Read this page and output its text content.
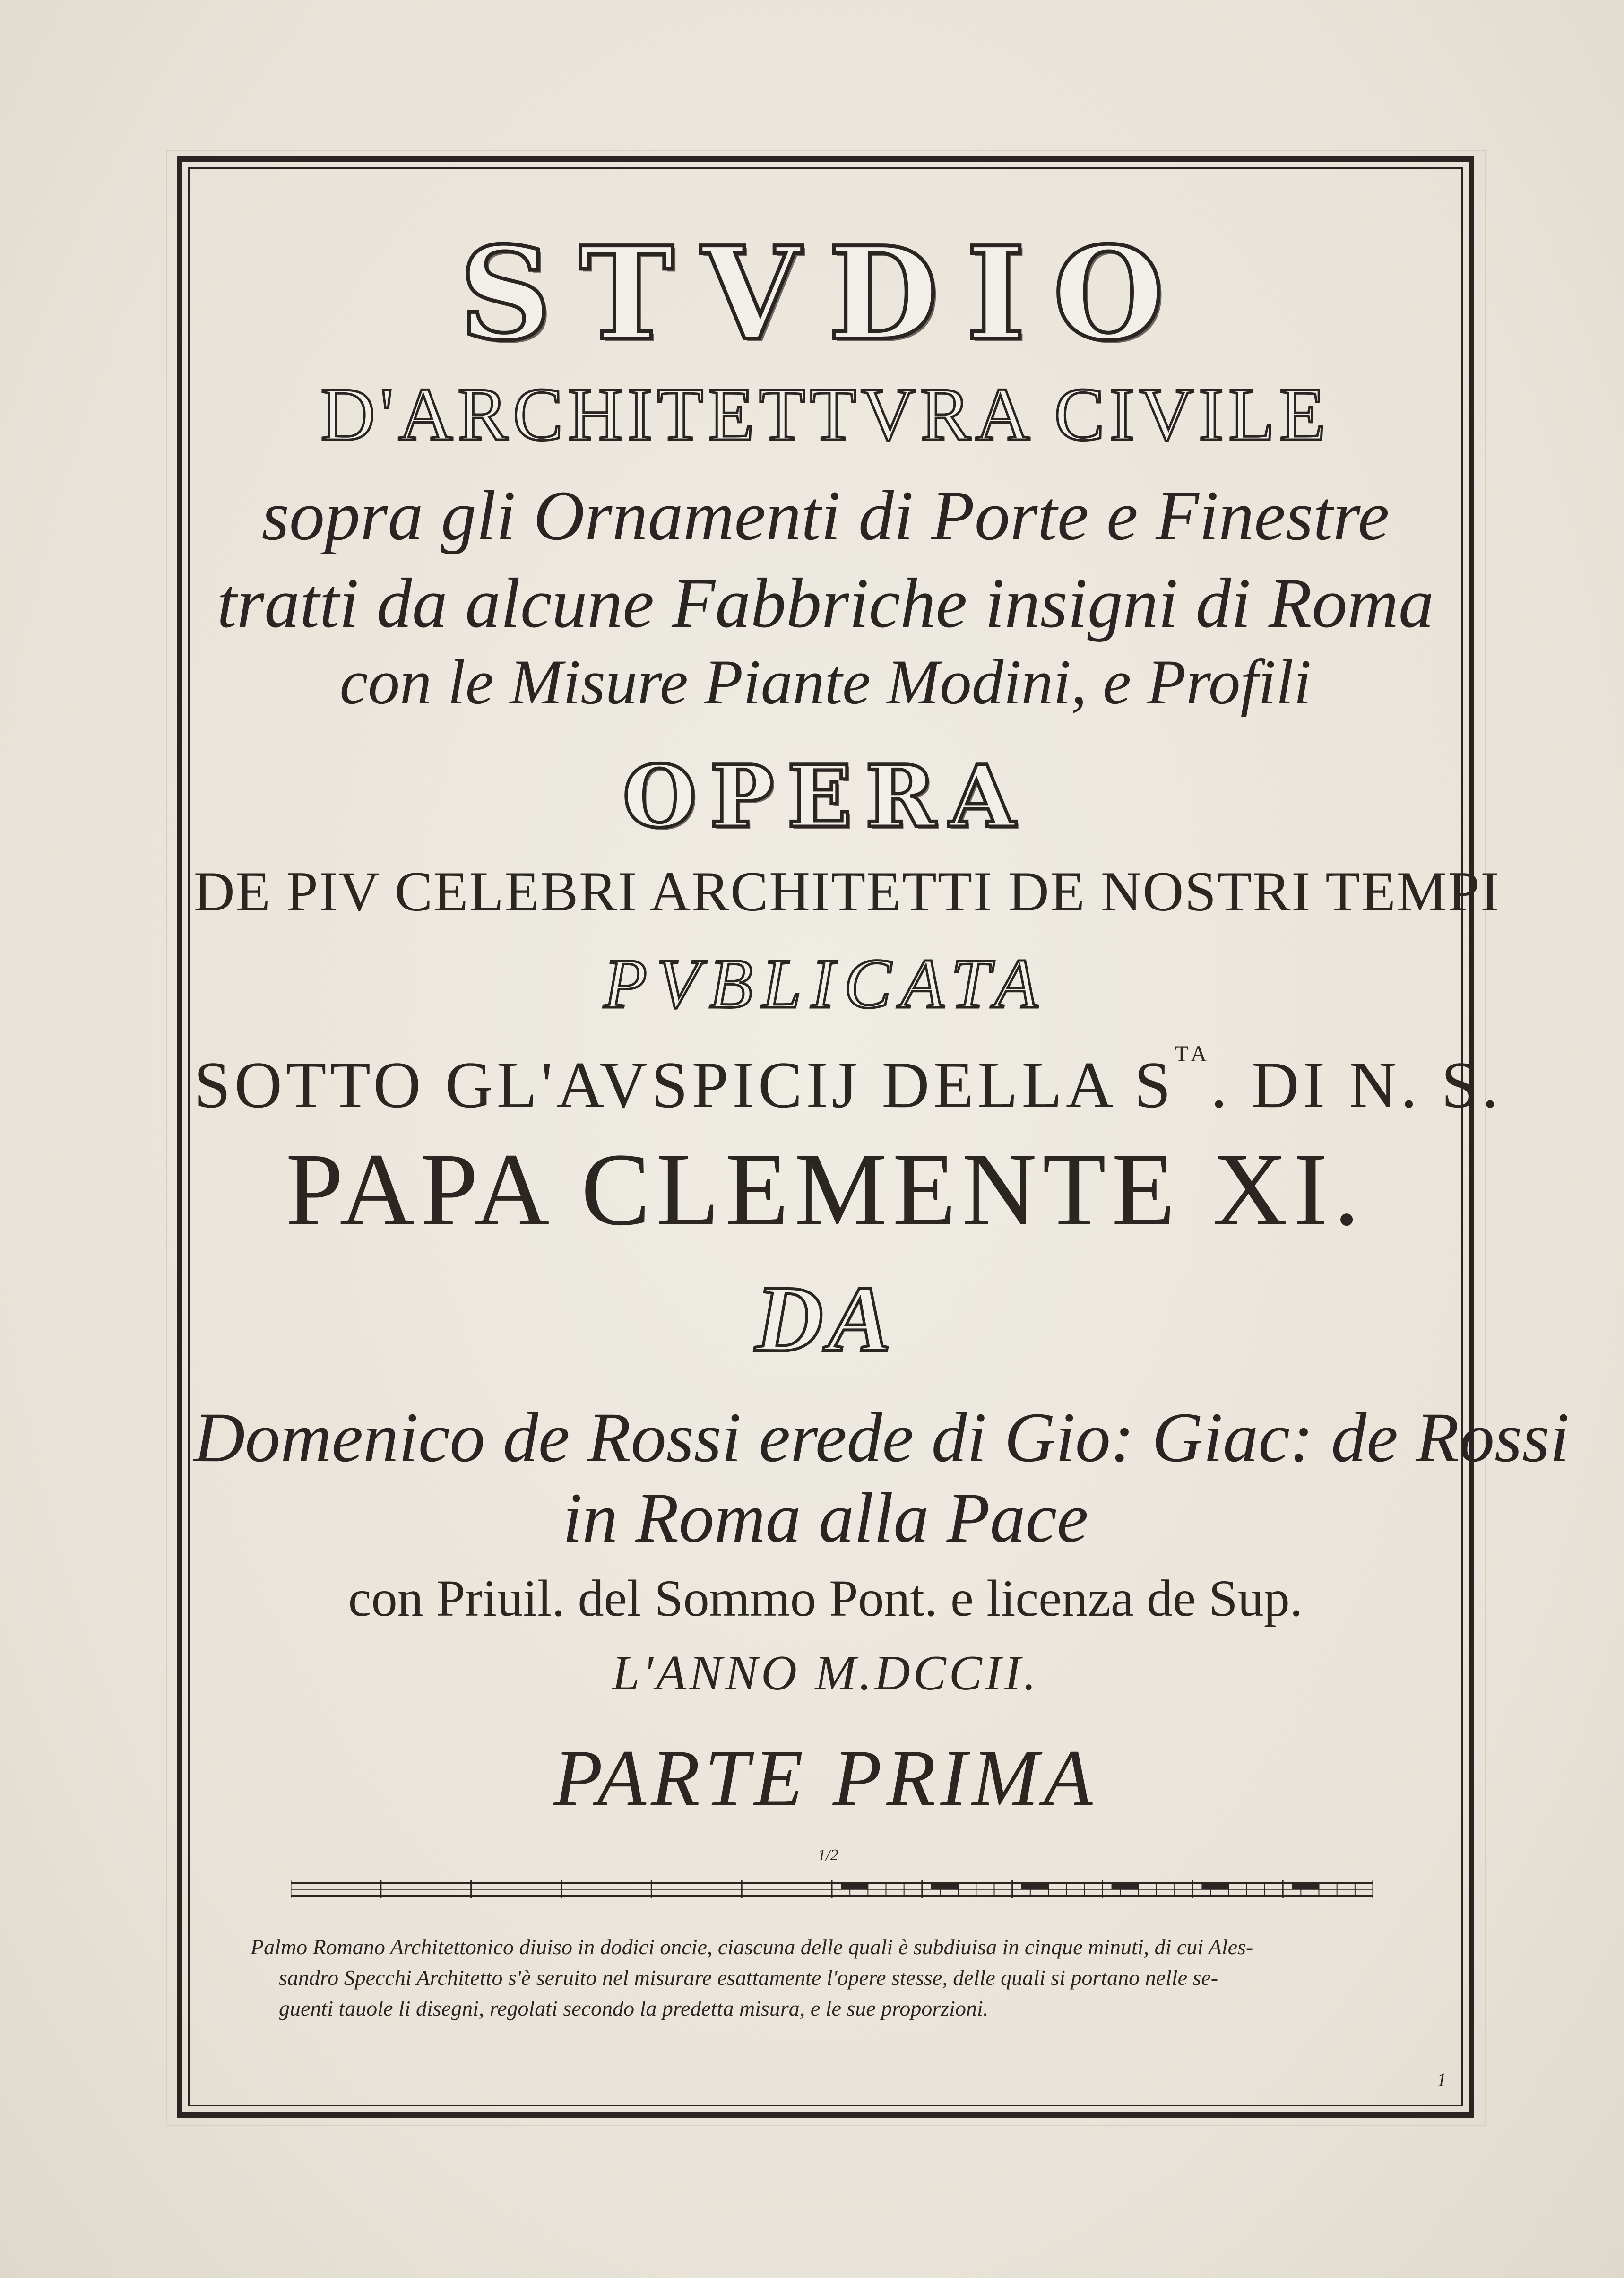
STVDIO
D'ARCHITETTVRA CIVILE
sopra gli Ornamenti di Porte e Finestre
tratti da alcune Fabbriche insigni di Roma
con le Misure Piante Modini, e Profili
OPERA
DE PIV CELEBRI ARCHITETTI DE NOSTRI TEMPI
PVBLICATA
SOTTO GL'AVSPICIJ DELLA $S^{TA}$. DI N. S.
PAPA CLEMENTE XI.
DA
Domenico de Rossi erede di Gio: Giac: de Rossi
in Roma alla Pace
con Priuil. del Sommo Pont. e licenza de Sup.
L'ANNO M.DCCII.
PARTE PRIMA
1/2
Palmo Romano Architettonico diuiso in dodici oncie, ciascuna delle quali è subdiuisa in cinque minuti, di cui Ales-
sandro Specchi Architetto s'è seruito nel misurare esattamente l'opere stesse, delle quali si portano nelle se-
guenti tauole li disegni, regolati secondo la predetta misura, e le sue proporzioni.
1
